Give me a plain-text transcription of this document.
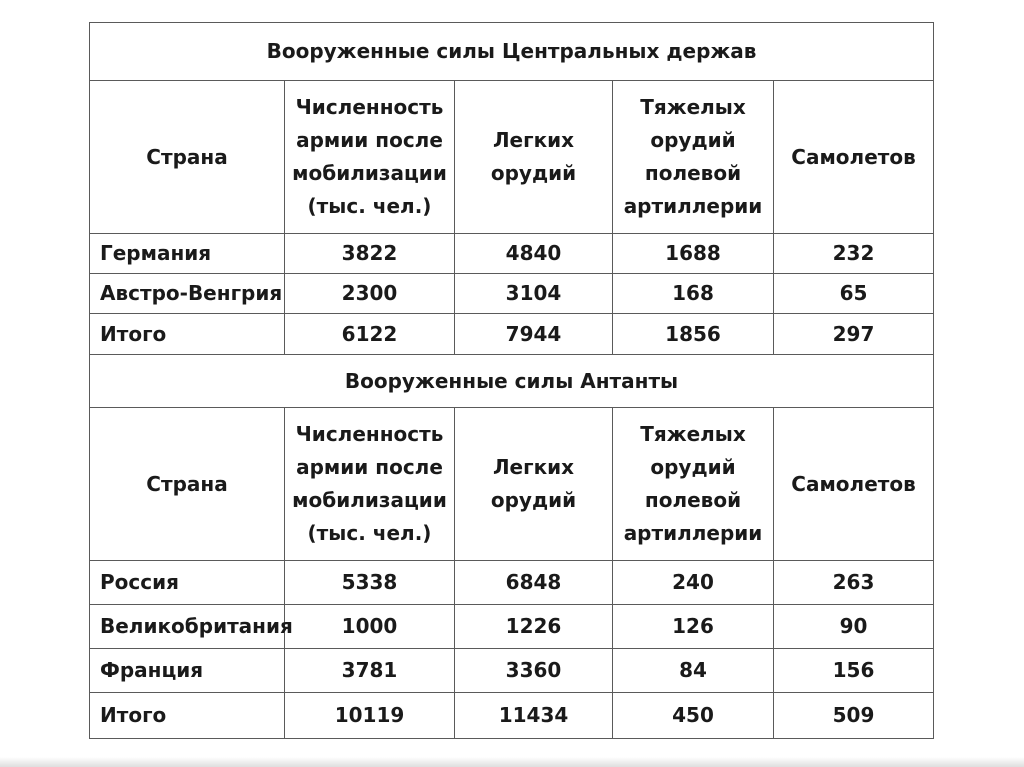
Вооруженные силы Центральных держав				
Страна	Численность армии после мобилизации (тыс. чел.)	Легких орудий	Тяжелых орудий полевой артиллерии	Самолетов
Германия	3822	4840	1688	232
Австро-Венгрия	2300	3104	168	65
Итого	6122	7944	1856	297
Вооруженные силы Антанты				
Страна	Численность армии после мобилизации (тыс. чел.)	Легких орудий	Тяжелых орудий полевой артиллерии	Самолетов
Россия	5338	6848	240	263
Великобритания	1000	1226	126	90
Франция	3781	3360	84	156
Итого	10119	11434	450	509
